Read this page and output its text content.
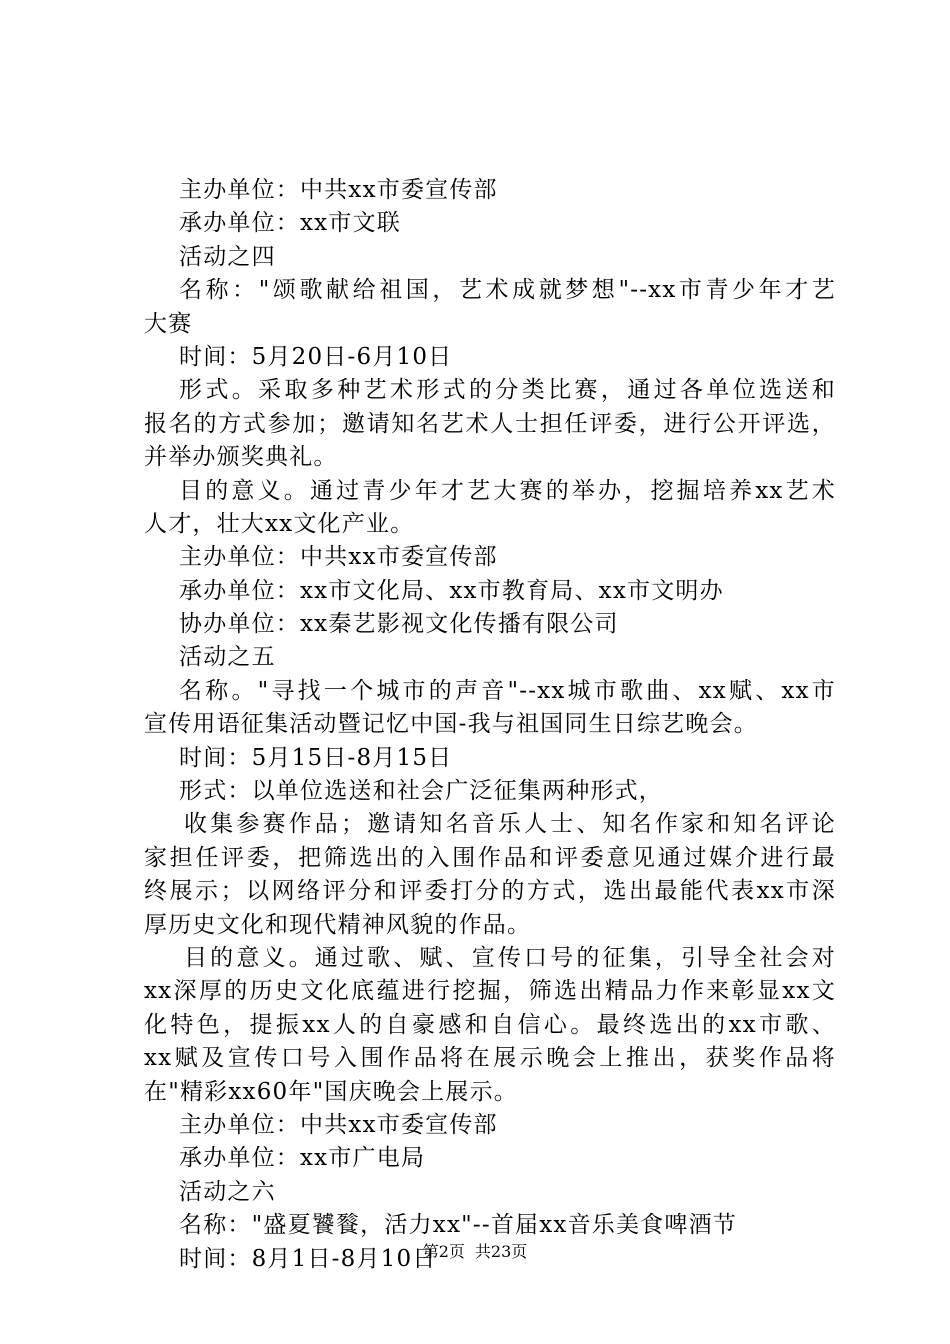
主办单位：中共xx市委宣传部
承办单位：xx市文联
活动之四
名称："颂歌献给祖国，艺术成就梦想"--xx市青少年才艺
大赛
时间：5月20日-6月10日
形式。采取多种艺术形式的分类比赛，通过各单位选送和
报名的方式参加；邀请知名艺术人士担任评委，进行公开评选，
并举办颁奖典礼。
目的意义。通过青少年才艺大赛的举办，挖掘培养xx艺术
人才，壮大xx文化产业。
主办单位：中共xx市委宣传部
承办单位：xx市文化局、xx市教育局、xx市文明办
协办单位：xx秦艺影视文化传播有限公司
活动之五
名称。"寻找一个城市的声音"--xx城市歌曲、xx赋、xx市
宣传用语征集活动暨记忆中国-我与祖国同生日综艺晚会。
时间：5月15日-8月15日
形式：以单位选送和社会广泛征集两种形式，
收集参赛作品；邀请知名音乐人士、知名作家和知名评论
家担任评委，把筛选出的入围作品和评委意见通过媒介进行最
终展示；以网络评分和评委打分的方式，选出最能代表xx市深
厚历史文化和现代精神风貌的作品。
目的意义。通过歌、赋、宣传口号的征集，引导全社会对
xx深厚的历史文化底蕴进行挖掘，筛选出精品力作来彰显xx文
化特色，提振xx人的自豪感和自信心。最终选出的xx市歌、
xx赋及宣传口号入围作品将在展示晚会上推出，获奖作品将
在"精彩xx60年"国庆晚会上展示。
主办单位：中共xx市委宣传部
承办单位：xx市广电局
活动之六
名称："盛夏饕餮，活力xx"--首届xx音乐美食啤酒节
时间：8月1日-8月10日
第2页 共23页
